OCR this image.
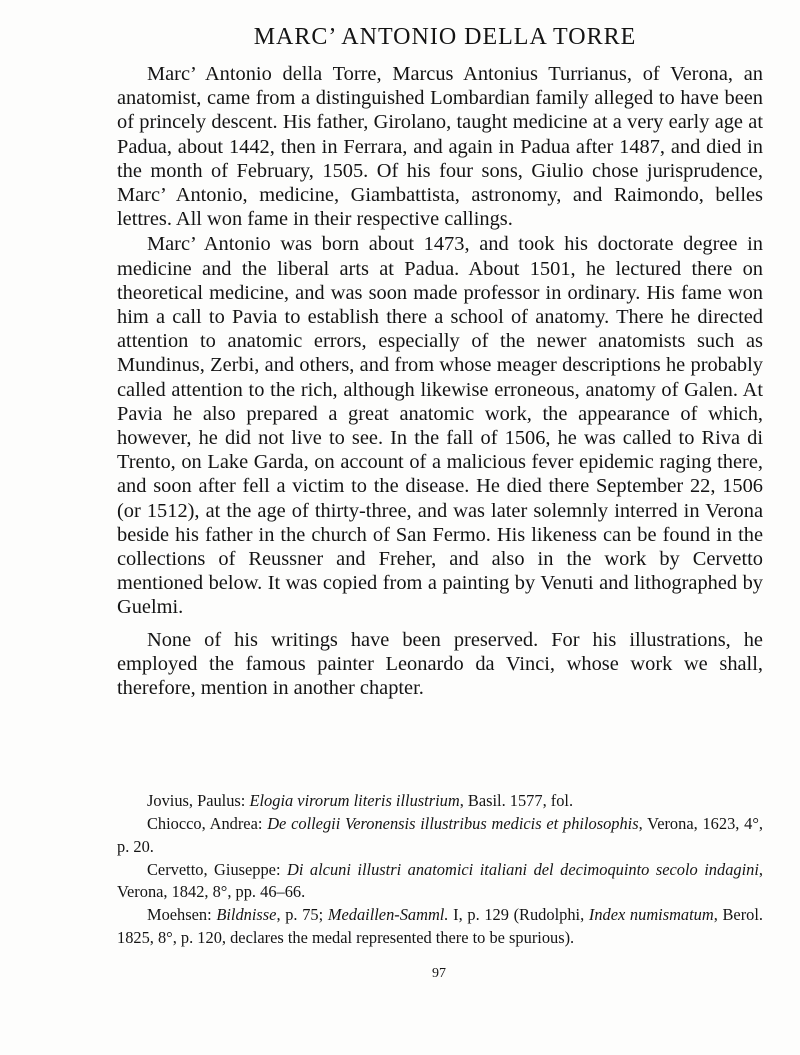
MARC’ ANTONIO DELLA TORRE

Marc’ Antonio della Torre, Marcus Antonius Turrianus, of Verona, an anatomist, came from a distinguished Lombardian family alleged to have been of princely descent. His father, Girolano, taught medicine at a very early age at Padua, about 1442, then in Ferrara, and again in Padua after 1487, and died in the month of February, 1505. Of his four sons, Giulio chose jurisprudence, Marc’ Antonio, medicine, Giambattista, astronomy, and Raimondo, belles lettres. All won fame in their respective callings.

Marc’ Antonio was born about 1473, and took his doctorate degree in medicine and the liberal arts at Padua. About 1501, he lectured there on theoretical medicine, and was soon made professor in ordinary. His fame won him a call to Pavia to establish there a school of anatomy. There he directed attention to anatomic errors, especially of the newer anatomists such as Mundinus, Zerbi, and others, and from whose meager descriptions he probably called attention to the rich, although likewise erroneous, anatomy of Galen. At Pavia he also prepared a great anatomic work, the appearance of which, however, he did not live to see. In the fall of 1506, he was called to Riva di Trento, on Lake Garda, on account of a malicious fever epidemic raging there, and soon after fell a victim to the disease. He died there September 22, 1506 (or 1512), at the age of thirty-three, and was later solemnly interred in Verona beside his father in the church of San Fermo. His likeness can be found in the collections of Reussner and Freher, and also in the work by Cervetto mentioned below. It was copied from a painting by Venuti and lithographed by Guelmi.

None of his writings have been preserved. For his illustrations, he employed the famous painter Leonardo da Vinci, whose work we shall, therefore, mention in another chapter.

Jovius, Paulus: Elogia virorum literis illustrium, Basil. 1577, fol.

Chiocco, Andrea: De collegii Veronensis illustribus medicis et philosophis, Verona, 1623, 4°, p. 20.

Cervetto, Giuseppe: Di alcuni illustri anatomici italiani del decimoquinto secolo indagini, Verona, 1842, 8°, pp. 46–66.

Moehsen: Bildnisse, p. 75; Medaillen-Samml. I, p. 129 (Rudolphi, Index numismatum, Berol. 1825, 8°, p. 120, declares the medal represented there to be spurious).

97
